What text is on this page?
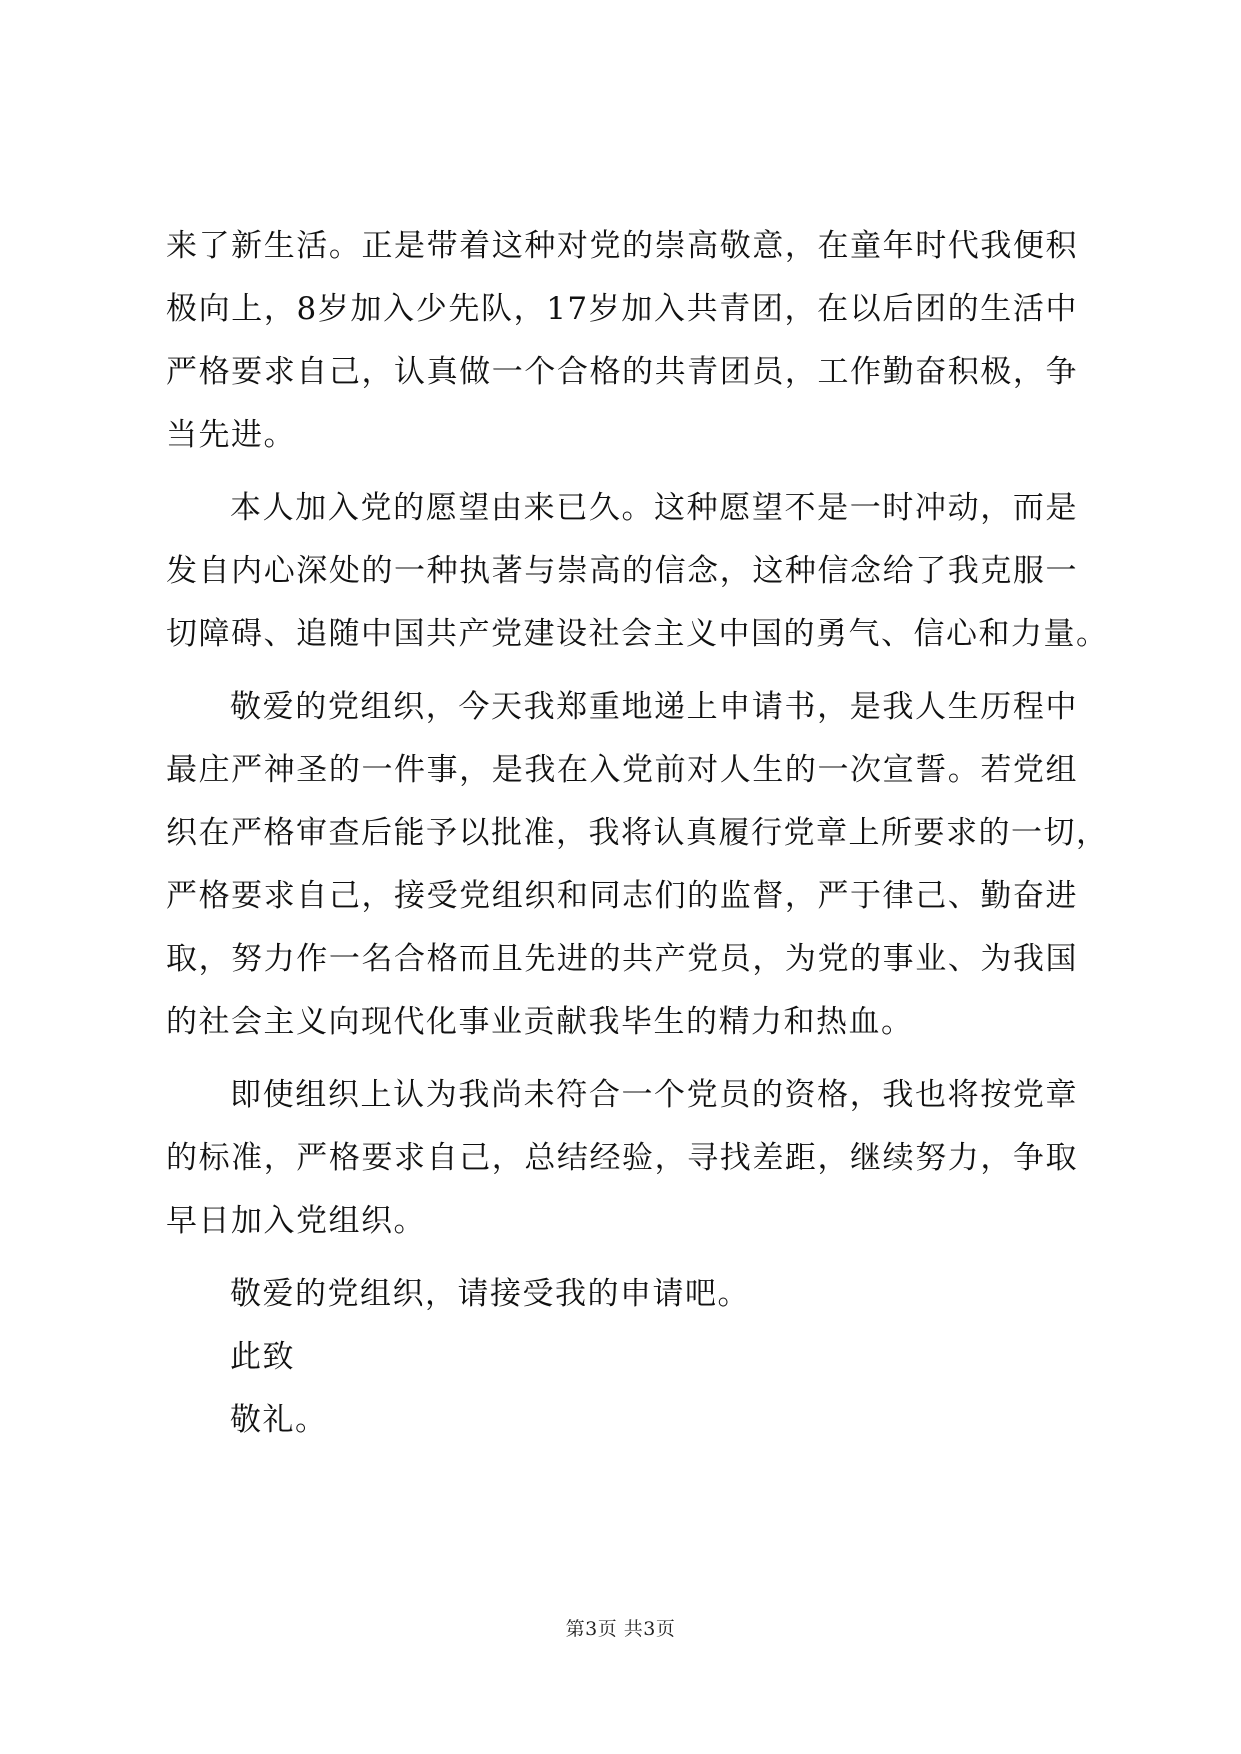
来了新生活。正是带着这种对党的崇高敬意，在童年时代我便积
极向上，8岁加入少先队，17岁加入共青团，在以后团的生活中
严格要求自己，认真做一个合格的共青团员，工作勤奋积极，争
当先进。
本人加入党的愿望由来已久。这种愿望不是一时冲动，而是
发自内心深处的一种执著与崇高的信念，这种信念给了我克服一
切障碍、追随中国共产党建设社会主义中国的勇气、信心和力量。
敬爱的党组织，今天我郑重地递上申请书，是我人生历程中
最庄严神圣的一件事，是我在入党前对人生的一次宣誓。若党组
织在严格审查后能予以批准，我将认真履行党章上所要求的一切，
严格要求自己，接受党组织和同志们的监督，严于律己、勤奋进
取，努力作一名合格而且先进的共产党员，为党的事业、为我国
的社会主义向现代化事业贡献我毕生的精力和热血。
即使组织上认为我尚未符合一个党员的资格，我也将按党章
的标准，严格要求自己，总结经验，寻找差距，继续努力，争取
早日加入党组织。
敬爱的党组织，请接受我的申请吧。
此致
敬礼。
第3页 共3页
